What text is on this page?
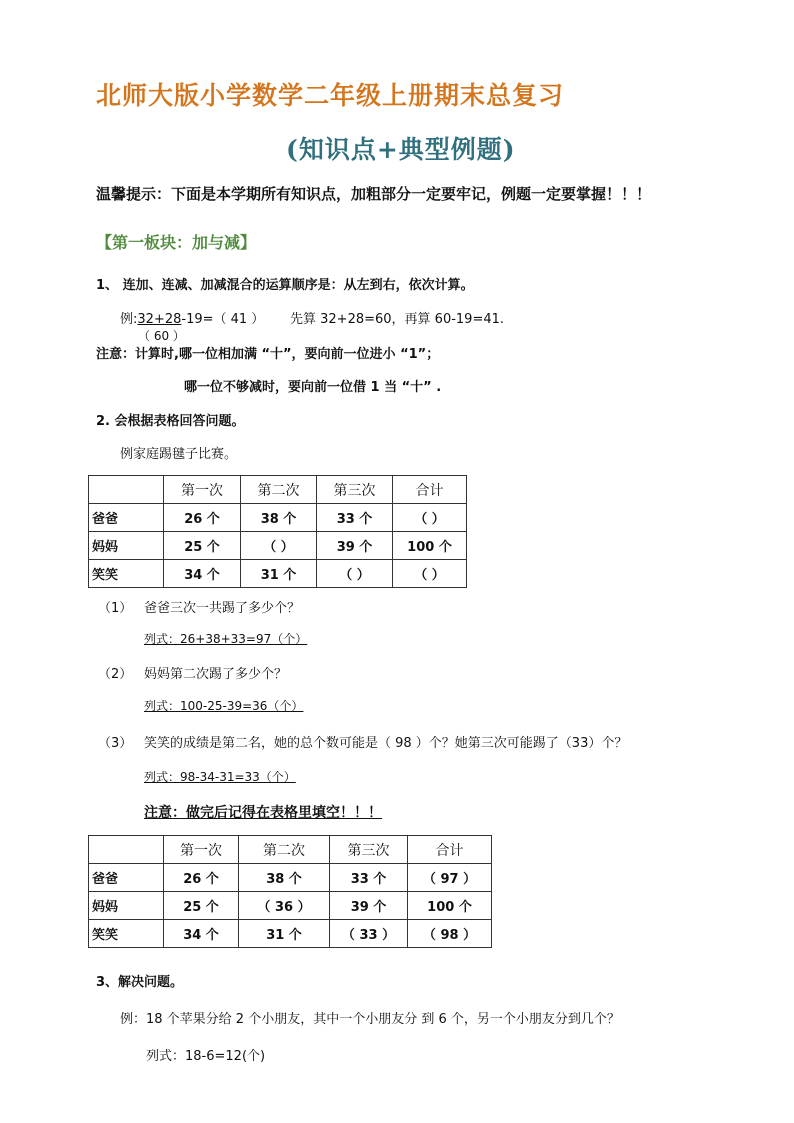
北师大版小学数学二年级上册期末总复习
(知识点+典型例题)
温馨提示：下面是本学期所有知识点，加粗部分一定要牢记，例题一定要掌握！！！
【第一板块：加与减】
1、 连加、连减、加减混合的运算顺序是：从左到右，依次计算。
例:32+28-19=（ 41 ） 先算 32+28=60，再算 60-19=41.
（ 60 ）
注意：计算时,哪一位相加满 “十”，要向前一位进小 “1”；
哪一位不够减时，要向前一位借 1 当 “十” .
2. 会根据表格回答问题。
例家庭踢毽子比赛。
	第一次	第二次	第三次	合计
爸爸	26 个	38 个	33 个	（ ）
妈妈	25 个	（ ）	39 个	100 个
笑笑	34 个	31 个	（ ）	（ ）
（1） 爸爸三次一共踢了多少个？
列式：26+38+33=97（个）
（2） 妈妈第二次踢了多少个？
列式：100-25-39=36（个）
（3） 笑笑的成绩是第二名，她的总个数可能是（ 98 ）个？她第三次可能踢了（33）个？
列式：98-34-31=33（个）
注意：做完后记得在表格里填空！！！
	第一次	第二次	第三次	合计
爸爸	26 个	38 个	33 个	（ 97 ）
妈妈	25 个	（ 36 ）	39 个	100 个
笑笑	34 个	31 个	（ 33 ）	（ 98 ）
3、解决问题。
例：18 个苹果分给 2 个小朋友，其中一个小朋友分 到 6 个，另一个小朋友分到几个？
列式：18-6=12(个)
